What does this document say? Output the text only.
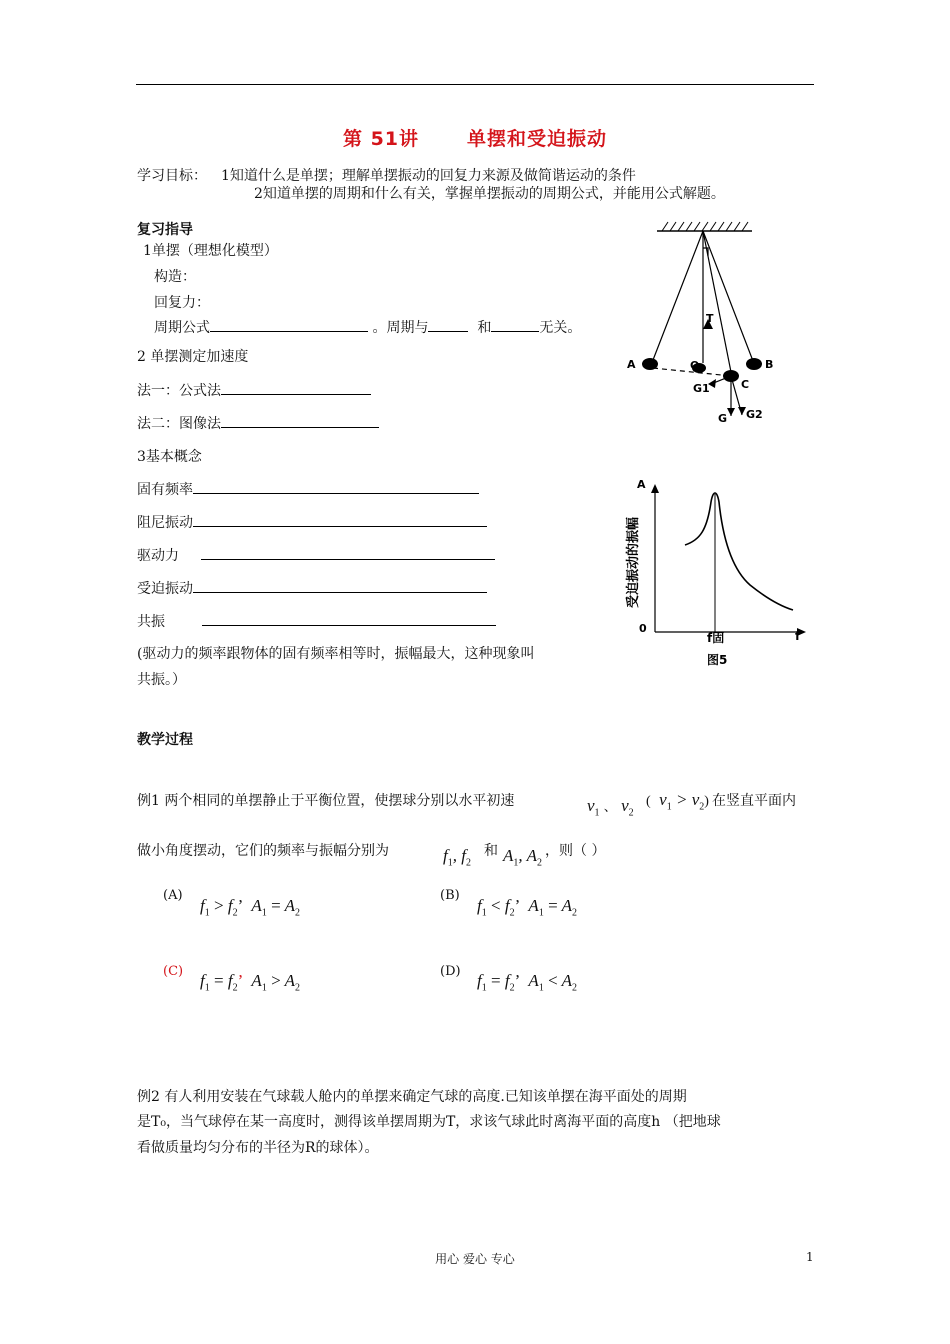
第 51讲	单摆和受迫振动
学习目标： 1知道什么是单摆；理解单摆振动的回复力来源及做简谐运动的条件
2知道单摆的周期和什么有关，掌握单摆振动的周期公式，并能用公式解题。
复习指导
1单摆（理想化模型）
构造：
回复力：
周期公式	。周期与	和	无关。
2 单摆测定加速度
法一：公式法
法二：图像法
3基本概念
固有频率
阻尼振动
驱动力
受迫振动
共振
(驱动力的频率跟物体的固有频率相等时，振幅最大，这种现象叫
共振。）
A	O
C
B
T
G1
G2
G
A
0
f
f固
图5
受迫振动的振幅
教学过程
例1 两个相同的单摆静止于平衡位置，使摆球分别以水平初速	$v_1$ 、 $v_2$
(  $v_1 > v_2$) 在竖直平面内
做小角度摆动，它们的频率与振幅分别为	$f_1$, $f_2$
和 $A_1$, $A_2$
，则（ ）
(A)
$f_1 > f_2$’  $A_1 = A_2$
(B)
$f_1 < f_2$’  $A_1 = A_2$
(C) $f_1 = f_2$’  $A_1 > A_2$
(D) $f_1 = f_2$’  $A_1 < A_2$
例2 有人利用安装在气球载人舱内的单摆来确定气球的高度.已知该单摆在海平面处的周期
是T₀，当气球停在某一高度时，测得该单摆周期为T，求该气球此时离海平面的高度h （把地球
看做质量均匀分布的半径为R的球体）。
用心 爱心 专心	1
